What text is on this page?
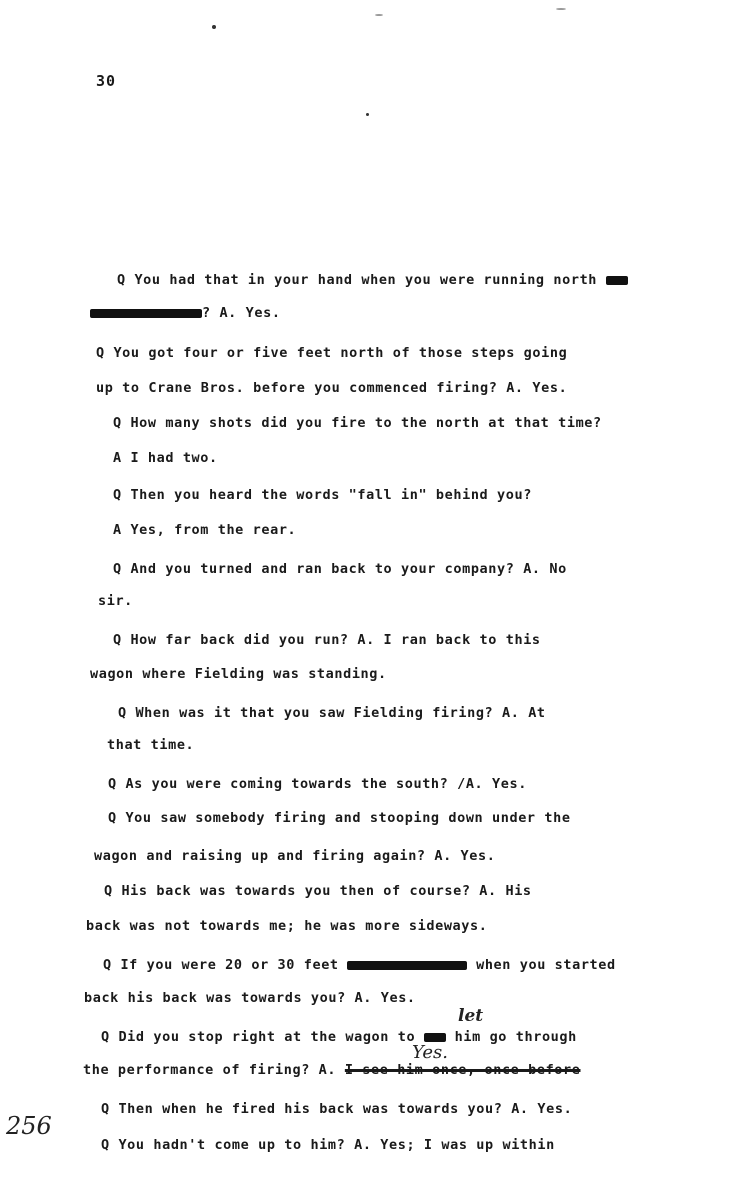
30
Q You had that in your hand when you were running north
? A. Yes.
Q You got four or five feet north of those steps going
up to Crane Bros. before you commenced firing? A. Yes.
Q How many shots did you fire to the north at that time?
A I had two.
Q Then you heard the words "fall in" behind you?
A Yes, from the rear.
Q And you turned and ran back to your company? A. No
sir.
Q How far back did you run? A. I ran back to this
wagon where Fielding was standing.
Q When was it that you saw Fielding firing? A. At
that time.
Q As you were coming towards the south? /A. Yes.
Q You saw somebody firing and stooping down under the
wagon and raising up and firing again? A. Yes.
Q His back was towards you then of course? A. His
back was not towards me; he was more sideways.
Q If you were 20 or 30 feet	when you started
back his back was towards you? A. Yes.
Q Did you stop right at the wagon to  him go through
the performance of firing? A. I see him once, once before
Q Then when he fired his back was towards you? A. Yes.
Q You hadn't come up to him? A. Yes; I was up within
let
Yes.
256
